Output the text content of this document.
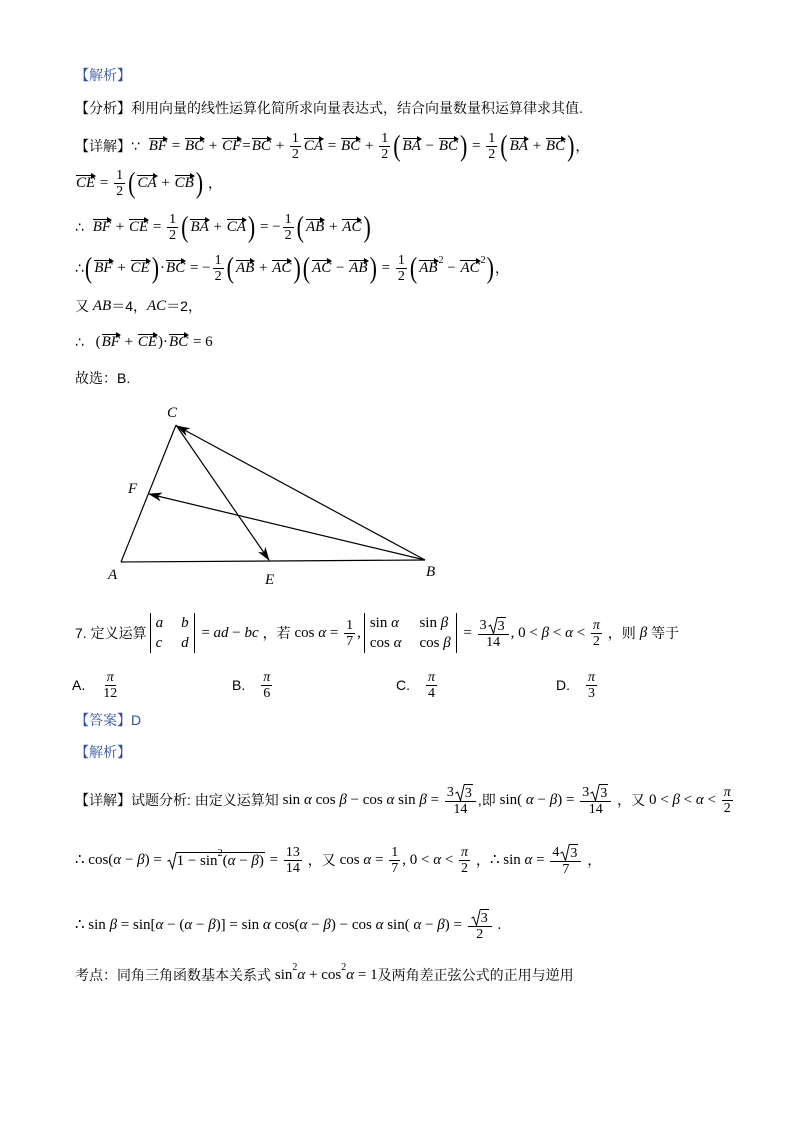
【解析】
【分析】利用向量的线性运算化简所求向量表达式，结合向量数量积运算律求其值.
【详解】∵ BF = BC + CF = BC + $\frac{1}{2}$ CA = BC + $\frac{1}{2}$ ( BA − BC ) = $\frac{1}{2}$ ( BA + BC ) ，
CE = $\frac{1}{2}$ ( CA + CB ) ，
∴ BF + CE = $\frac{1}{2}$ ( BA + CA ) = − $\frac{1}{2}$ ( AB + AC )
∴ ( BF + CE ) · BC = − $\frac{1}{2}$ ( AB + AC ) ( AC − AB ) = $\frac{1}{2}$ ( AB 2 − AC 2 ) ，
又 AB ＝4， AC ＝2，
∴ ( BF + CE ) · BC = 6
故选：B.
C
F
A	E	B
7. 定义运算
a b
c d
= ad − bc ，若 $\cos \alpha = \frac{1}{7}$ ,
sin α sin β
cos α cos β
= $\frac{3 3}{14}$ , $0 < \beta < \alpha < \frac{\pi}{2}$ ，则 β 等于
A. $\frac{\pi}{12}$	B. $\frac{\pi}{6}$	C. $\frac{\pi}{4}$	D. $\frac{\pi}{3}$
【答案】D
【解析】
【详解】试题分析: 由定义运算知 sin α cos β − cos α $\sin \beta = \frac{3 3}{14}$ ,即 sin( α − β ) = $\frac{3 3}{14}$ ，又 $0 < \beta < \alpha < \frac{\pi}{2}$
∴ cos( α − β ) = 1 − sin 2 ( α − β ) = $\frac{13}{14}$ ，又 $\cos \alpha = \frac{1}{7}$ , $0 < \alpha < \frac{\pi}{2}$ ， ∴ $\sin \alpha = \frac{4 3}{7}$ ，
∴ sin β = sin[ α − ( α − β )] = sin α cos( α − β ) − cos α sin( α − β ) = $\frac{3}{2}$ .
考点：同角三角函数基本关系式 sin 2 α + cos 2 α = 1 及两角差正弦公式的正用与逆用
